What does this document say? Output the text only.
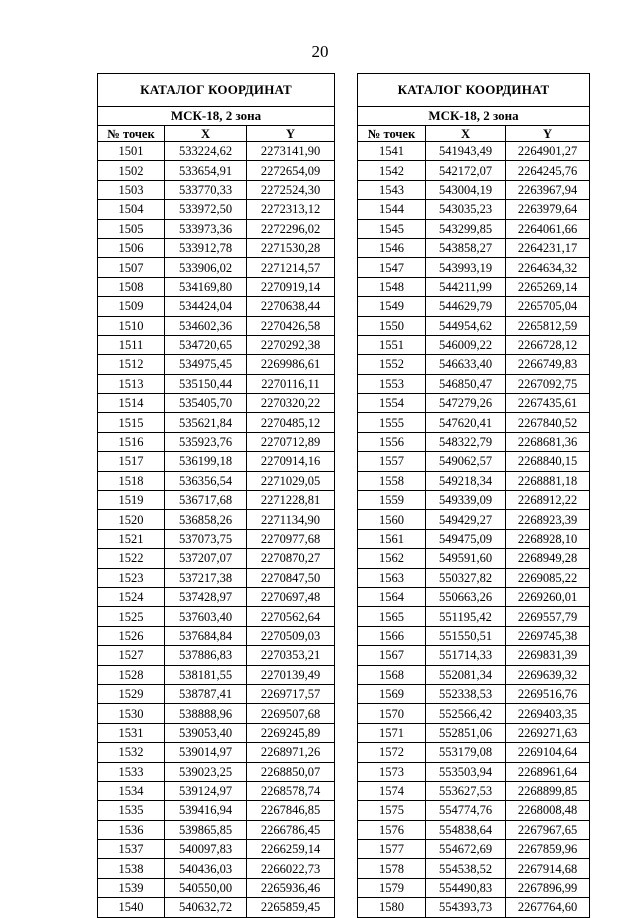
20
КАТАЛОГ КООРДИНАТ		
МСК-18, 2 зона		
№ точек	X	Y
1501	533224,62	2273141,90
1502	533654,91	2272654,09
1503	533770,33	2272524,30
1504	533972,50	2272313,12
1505	533973,36	2272296,02
1506	533912,78	2271530,28
1507	533906,02	2271214,57
1508	534169,80	2270919,14
1509	534424,04	2270638,44
1510	534602,36	2270426,58
1511	534720,65	2270292,38
1512	534975,45	2269986,61
1513	535150,44	2270116,11
1514	535405,70	2270320,22
1515	535621,84	2270485,12
1516	535923,76	2270712,89
1517	536199,18	2270914,16
1518	536356,54	2271029,05
1519	536717,68	2271228,81
1520	536858,26	2271134,90
1521	537073,75	2270977,68
1522	537207,07	2270870,27
1523	537217,38	2270847,50
1524	537428,97	2270697,48
1525	537603,40	2270562,64
1526	537684,84	2270509,03
1527	537886,83	2270353,21
1528	538181,55	2270139,49
1529	538787,41	2269717,57
1530	538888,96	2269507,68
1531	539053,40	2269245,89
1532	539014,97	2268971,26
1533	539023,25	2268850,07
1534	539124,97	2268578,74
1535	539416,94	2267846,85
1536	539865,85	2266786,45
1537	540097,83	2266259,14
1538	540436,03	2266022,73
1539	540550,00	2265936,46
1540	540632,72	2265859,45
КАТАЛОГ КООРДИНАТ		
МСК-18, 2 зона		
№ точек	X	Y
1541	541943,49	2264901,27
1542	542172,07	2264245,76
1543	543004,19	2263967,94
1544	543035,23	2263979,64
1545	543299,85	2264061,66
1546	543858,27	2264231,17
1547	543993,19	2264634,32
1548	544211,99	2265269,14
1549	544629,79	2265705,04
1550	544954,62	2265812,59
1551	546009,22	2266728,12
1552	546633,40	2266749,83
1553	546850,47	2267092,75
1554	547279,26	2267435,61
1555	547620,41	2267840,52
1556	548322,79	2268681,36
1557	549062,57	2268840,15
1558	549218,34	2268881,18
1559	549339,09	2268912,22
1560	549429,27	2268923,39
1561	549475,09	2268928,10
1562	549591,60	2268949,28
1563	550327,82	2269085,22
1564	550663,26	2269260,01
1565	551195,42	2269557,79
1566	551550,51	2269745,38
1567	551714,33	2269831,39
1568	552081,34	2269639,32
1569	552338,53	2269516,76
1570	552566,42	2269403,35
1571	552851,06	2269271,63
1572	553179,08	2269104,64
1573	553503,94	2268961,64
1574	553627,53	2268899,85
1575	554774,76	2268008,48
1576	554838,64	2267967,65
1577	554672,69	2267859,96
1578	554538,52	2267914,68
1579	554490,83	2267896,99
1580	554393,73	2267764,60
